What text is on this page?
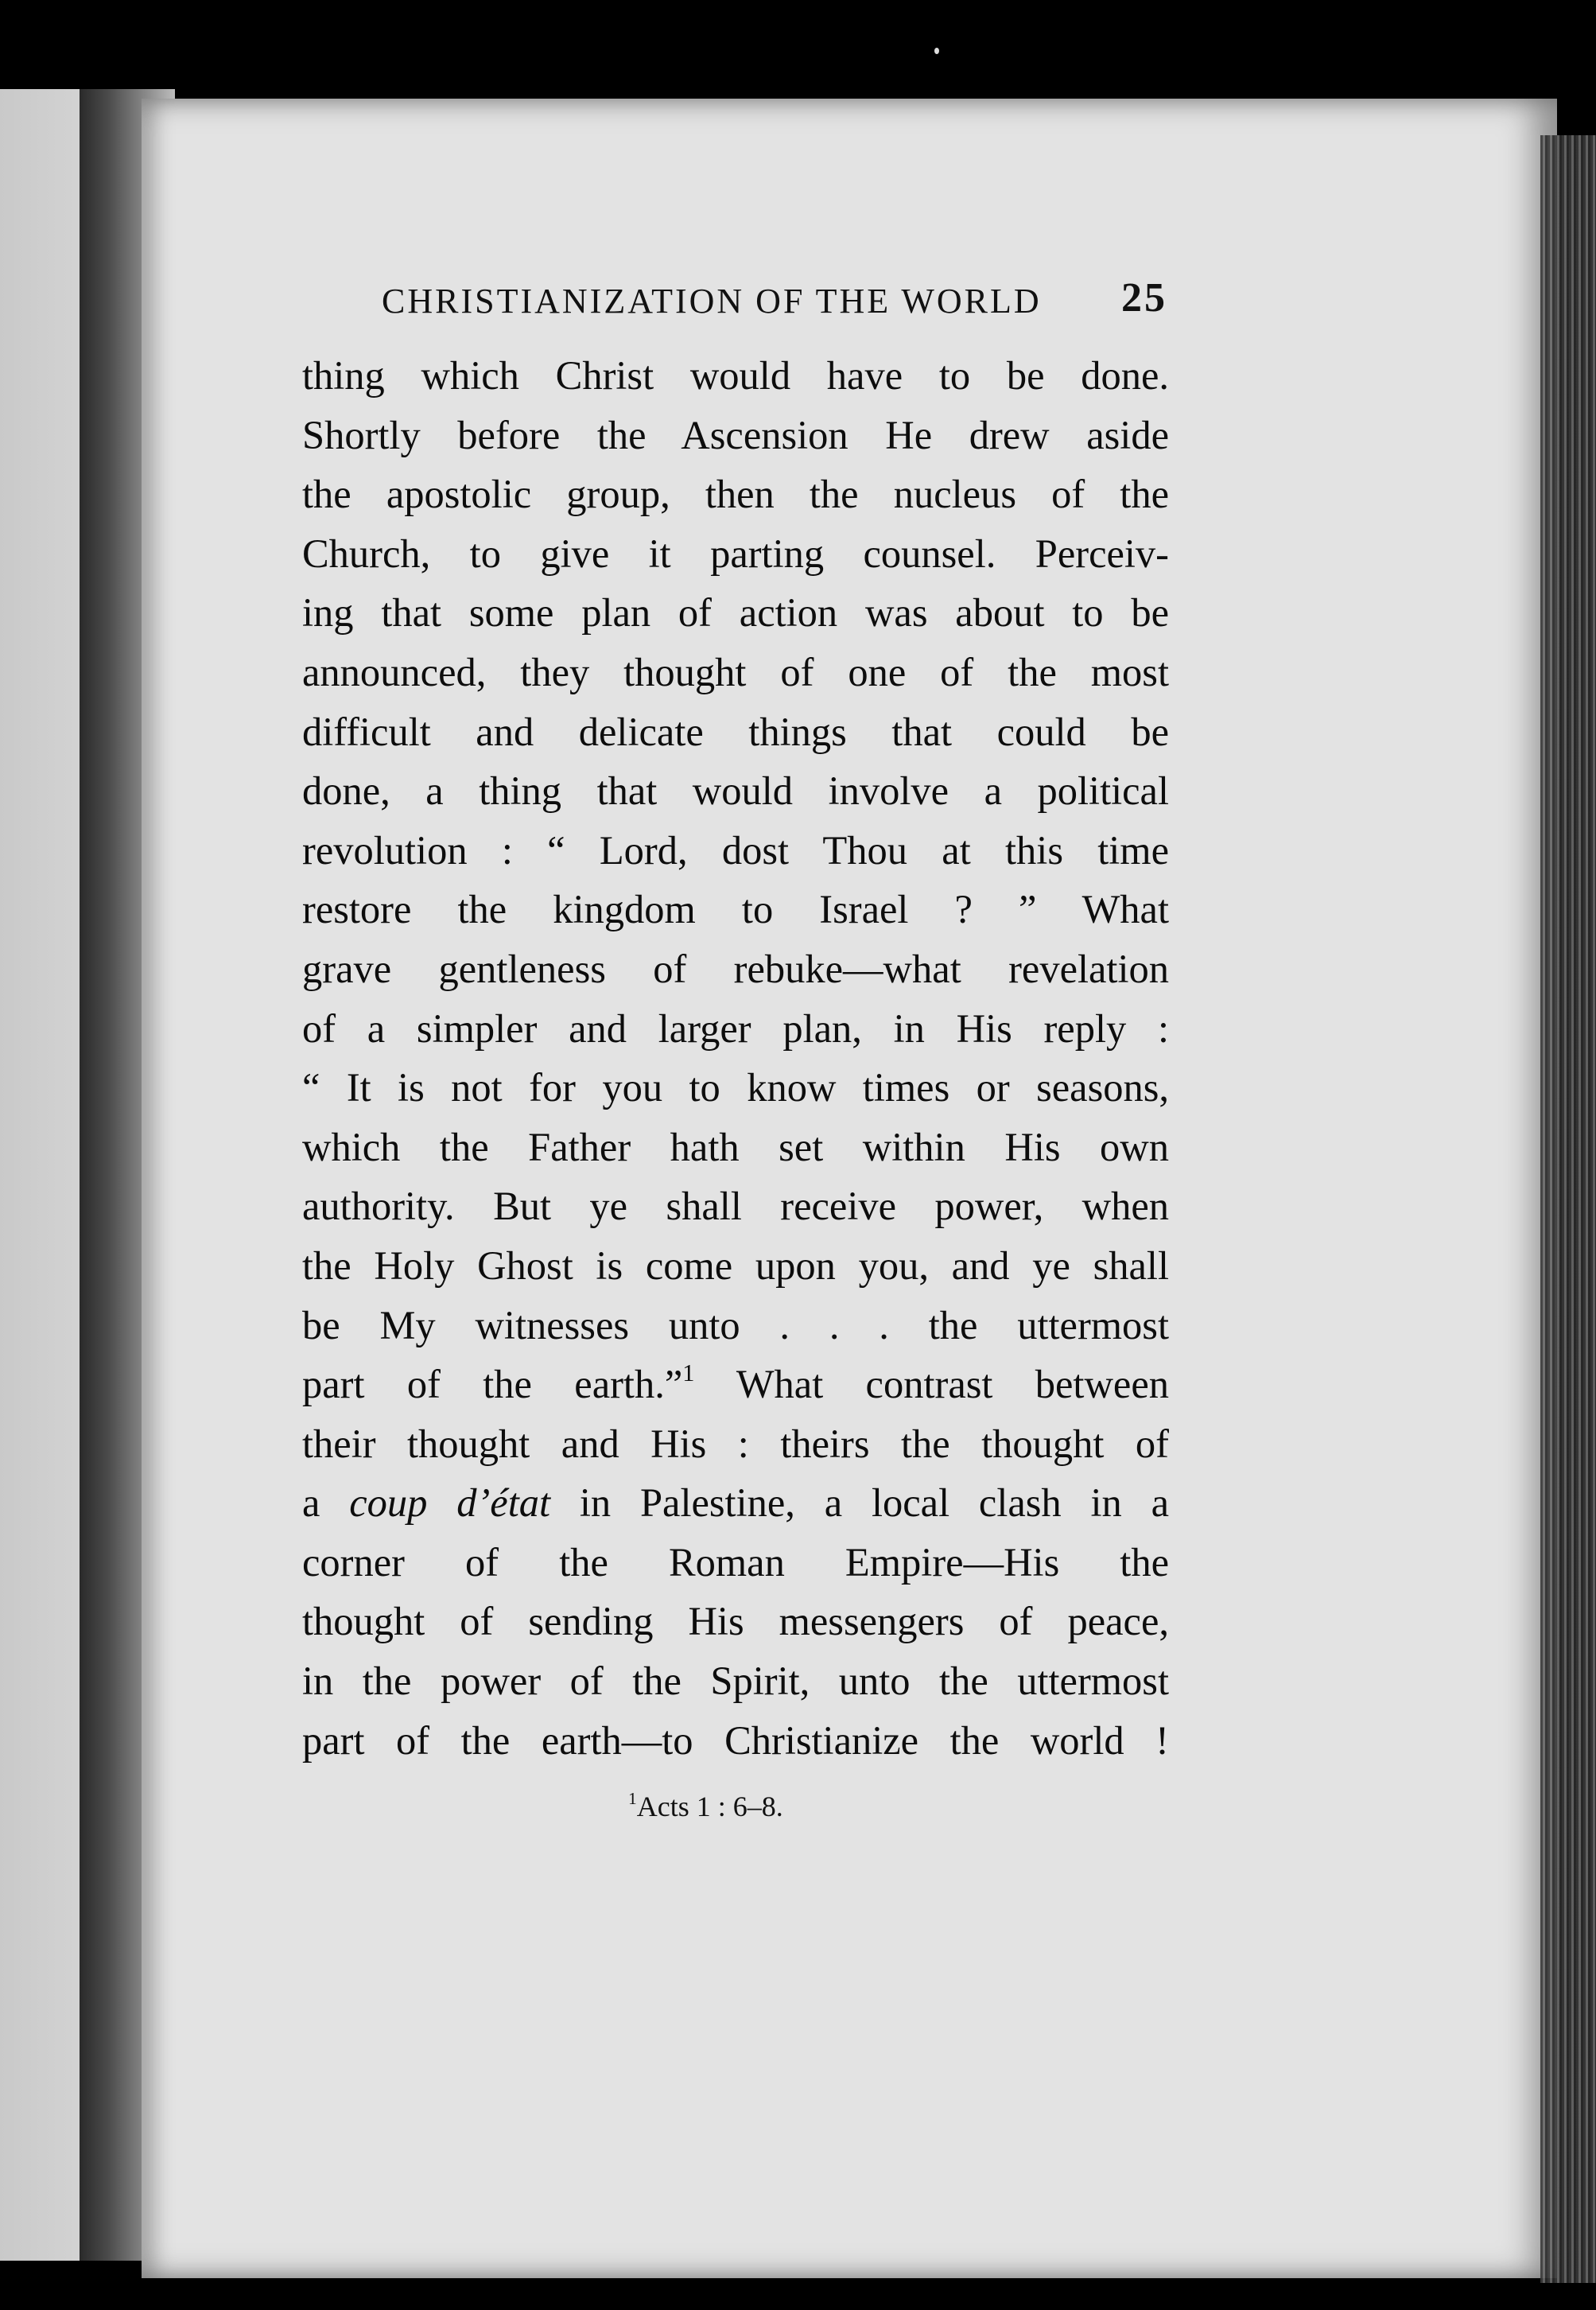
CHRISTIANIZATION OF THE WORLD 25
thing which Christ would have to be done.
Shortly before the Ascension He drew aside
the apostolic group, then the nucleus of the
Church, to give it parting counsel. Perceiv-
ing that some plan of action was about to be
announced, they thought of one of the most
difficult and delicate things that could be
done, a thing that would involve a political
revolution : “ Lord, dost Thou at this time
restore the kingdom to Israel ? ” What
grave gentleness of rebuke—what revelation
of a simpler and larger plan, in His reply :
“ It is not for you to know times or seasons,
which the Father hath set within His own
authority. But ye shall receive power, when
the Holy Ghost is come upon you, and ye shall
be My witnesses unto . . . the uttermost
part of the earth.”$^1$ What contrast between
their thought and His : theirs the thought of
a coup d’état in Palestine, a local clash in a
corner of the Roman Empire—His the
thought of sending His messengers of peace,
in the power of the Spirit, unto the uttermost
part of the earth—to Christianize the world !
$^1$Acts 1 : 6–8.
